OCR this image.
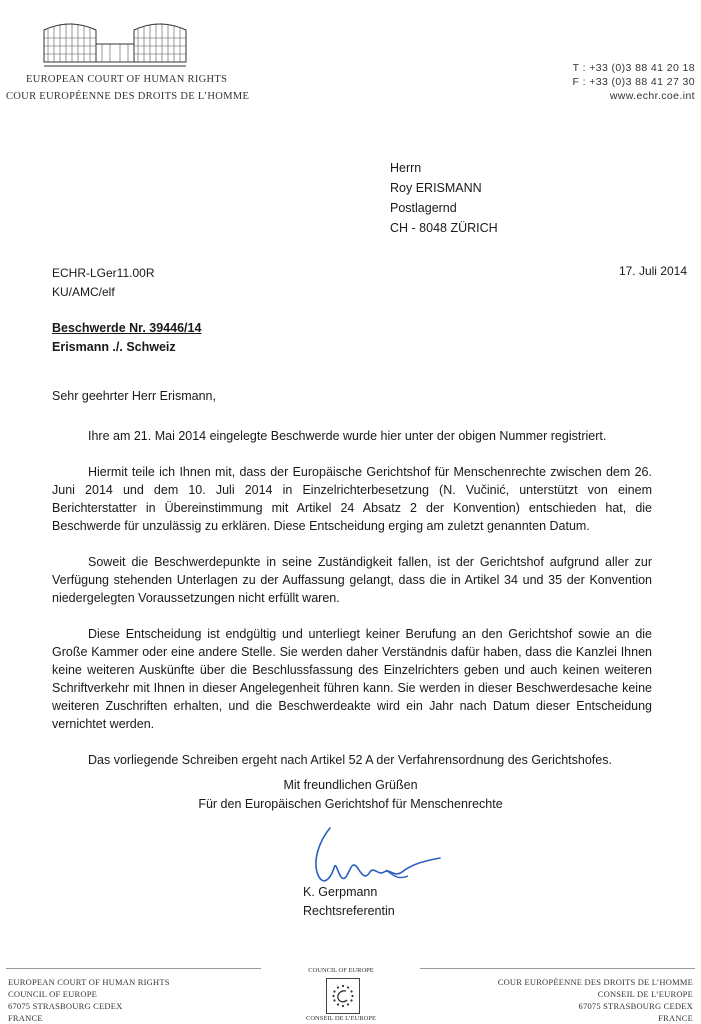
EUROPEAN COURT OF HUMAN RIGHTS
COUR EUROPÉENNE DES DROITS DE L’HOMME
T : +33 (0)3 88 41 20 18
F : +33 (0)3 88 41 27 30
www.echr.coe.int
Herrn
Roy ERISMANN
Postlagernd
CH - 8048 ZÜRICH
ECHR-LGer11.00R
KU/AMC/elf
17. Juli 2014
Beschwerde Nr. 39446/14
Erismann ./. Schweiz
Sehr geehrter Herr Erismann,

Ihre am 21. Mai 2014 eingelegte Beschwerde wurde hier unter der obigen Nummer registriert.

Hiermit teile ich Ihnen mit, dass der Europäische Gerichtshof für Menschenrechte zwischen dem 26. Juni 2014 und dem 10. Juli 2014 in Einzelrichterbesetzung (N. Vučinić, unterstützt von einem Berichterstatter in Übereinstimmung mit Artikel 24 Absatz 2 der Konvention) entschieden hat, die Beschwerde für unzulässig zu erklären. Diese Entscheidung erging am zuletzt genannten Datum.

Soweit die Beschwerdepunkte in seine Zuständigkeit fallen, ist der Gerichtshof aufgrund aller zur Verfügung stehenden Unterlagen zu der Auffassung gelangt, dass die in Artikel 34 und 35 der Konvention niedergelegten Voraussetzungen nicht erfüllt waren.

Diese Entscheidung ist endgültig und unterliegt keiner Berufung an den Gerichtshof sowie an die Große Kammer oder eine andere Stelle. Sie werden daher Verständnis dafür haben, dass die Kanzlei Ihnen keine weiteren Auskünfte über die Beschlussfassung des Einzelrichters geben und auch keinen weiteren Schriftverkehr mit Ihnen in dieser Angelegenheit führen kann. Sie werden in dieser Beschwerdesache keine weiteren Zuschriften erhalten, und die Beschwerdeakte wird ein Jahr nach Datum dieser Entscheidung vernichtet werden.

Das vorliegende Schreiben ergeht nach Artikel 52 A der Verfahrensordnung des Gerichtshofes.

Mit freundlichen Grüßen
Für den Europäischen Gerichtshof für Menschenrechte
K. Gerpmann
Rechtsreferentin
EUROPEAN COURT OF HUMAN RIGHTS
COUNCIL OF EUROPE
67075 STRASBOURG CEDEX
FRANCE
COUNCIL OF EUROPE
CONSEIL DE L’EUROPE
COUR EUROPÉENNE DES DROITS DE L’HOMME
CONSEIL DE L’EUROPE
67075 STRASBOURG CEDEX
FRANCE
